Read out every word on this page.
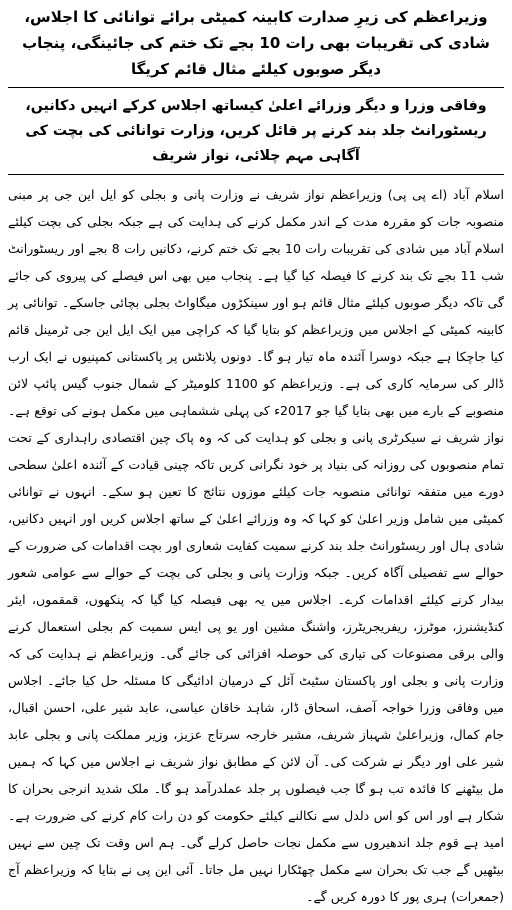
وزیراعظم کی زیرِ صدارت کابینہ کمیٹی برائے توانائی کا اجلاس، شادی کی تقریبات بھی رات 10 بجے تک ختم کی جائینگی، پنجاب دیگر صوبوں کیلئے مثال قائم کریگا

وفاقی وزرا و دیگر وزرائے اعلیٰ کیساتھ اجلاس کرکے انہیں دکانیں، ریسٹورانٹ جلد بند کرنے پر قائل کریں، وزارت توانائی کی بچت کی آگاہی مہم چلائی، نواز شریف

اسلام آباد (اے پی پی) وزیراعظم نواز شریف نے وزارت پانی و بجلی کو ایل این جی پر مبنی منصوبہ جات کو مقررہ مدت کے اندر مکمل کرنے کی ہدایت کی ہے جبکہ بجلی کی بچت کیلئے اسلام آباد میں شادی کی تقریبات رات 10 بجے تک ختم کرنے، دکانیں رات 8 بجے اور ریسٹورانٹ شب 11 بجے تک بند کرنے کا فیصلہ کیا گیا ہے۔ پنجاب میں بھی اس فیصلے کی پیروی کی جائے گی تاکہ دیگر صوبوں کیلئے مثال قائم ہو اور سینکڑوں میگاواٹ بجلی بچائی جاسکے۔ توانائی پر کابینہ کمیٹی کے اجلاس میں وزیراعظم کو بتایا گیا کہ کراچی میں ایک ایل این جی ٹرمینل قائم کیا جاچکا ہے جبکہ دوسرا آئندہ ماہ تیار ہو گا۔ دونوں پلانٹس پر پاکستانی کمپنیوں نے ایک ارب ڈالر کی سرمایہ کاری کی ہے۔ وزیراعظم کو 1100 کلومیٹر کے شمال جنوب گیس پائپ لائن منصوبے کے بارے میں بھی بتایا گیا جو 2017ء کی پہلی ششماہی میں مکمل ہونے کی توقع ہے۔ نواز شریف نے سیکرٹری پانی و بجلی کو ہدایت کی کہ وہ پاک چین اقتصادی راہداری کے تحت تمام منصوبوں کی روزانہ کی بنیاد پر خود نگرانی کریں تاکہ چینی قیادت کے آئندہ اعلیٰ سطحی دورے میں متفقہ توانائی منصوبہ جات کیلئے موزوں نتائج کا تعین ہو سکے۔ انہوں نے توانائی کمیٹی میں شامل وزیر اعلیٰ کو کہا کہ وہ وزرائے اعلیٰ کے ساتھ اجلاس کریں اور انہیں دکانیں، شادی ہال اور ریسٹورانٹ جلد بند کرنے سمیت کفایت شعاری اور بچت اقدامات کی ضرورت کے حوالے سے تفصیلی آگاہ کریں۔ جبکہ وزارت پانی و بجلی کی بچت کے حوالے سے عوامی شعور بیدار کرنے کیلئے اقدامات کرے۔ اجلاس میں یہ بھی فیصلہ کیا گیا کہ پنکھوں، قمقموں، ایئر کنڈیشنرز، موٹرز، ریفریجریٹرز، واشنگ مشین اور یو پی ایس سمیت کم بجلی استعمال کرنے والی برقی مصنوعات کی تیاری کی حوصلہ افزائی کی جائے گی۔ وزیراعظم نے ہدایت کی کہ وزارت پانی و بجلی اور پاکستان سٹیٹ آئل کے درمیان ادائیگی کا مسئلہ حل کیا جائے۔ اجلاس میں وفاقی وزرا خواجہ آصف، اسحاق ڈار، شاہد خاقان عباسی، عابد شیر علی، احسن اقبال، جام کمال، وزیراعلیٰ شہباز شریف، مشیر خارجہ سرتاج عزیز، وزیر مملکت پانی و بجلی عابد شیر علی اور دیگر نے شرکت کی۔ آن لائن کے مطابق نواز شریف نے اجلاس میں کہا کہ ہمیں مل بیٹھنے کا فائدہ تب ہو گا جب فیصلوں پر جلد عملدرآمد ہو گا۔ ملک شدید انرجی بحران کا شکار ہے اور اس کو اس دلدل سے نکالنے کیلئے حکومت کو دن رات کام کرنے کی ضرورت ہے۔ امید ہے قوم جلد اندھیروں سے مکمل نجات حاصل کرلے گی۔ ہم اس وقت تک چین سے نہیں بیٹھیں گے جب تک بحران سے مکمل چھٹکارا نہیں مل جاتا۔ آئی این پی نے بتایا کہ وزیراعظم آج (جمعرات) ہری پور کا دورہ کریں گے۔
